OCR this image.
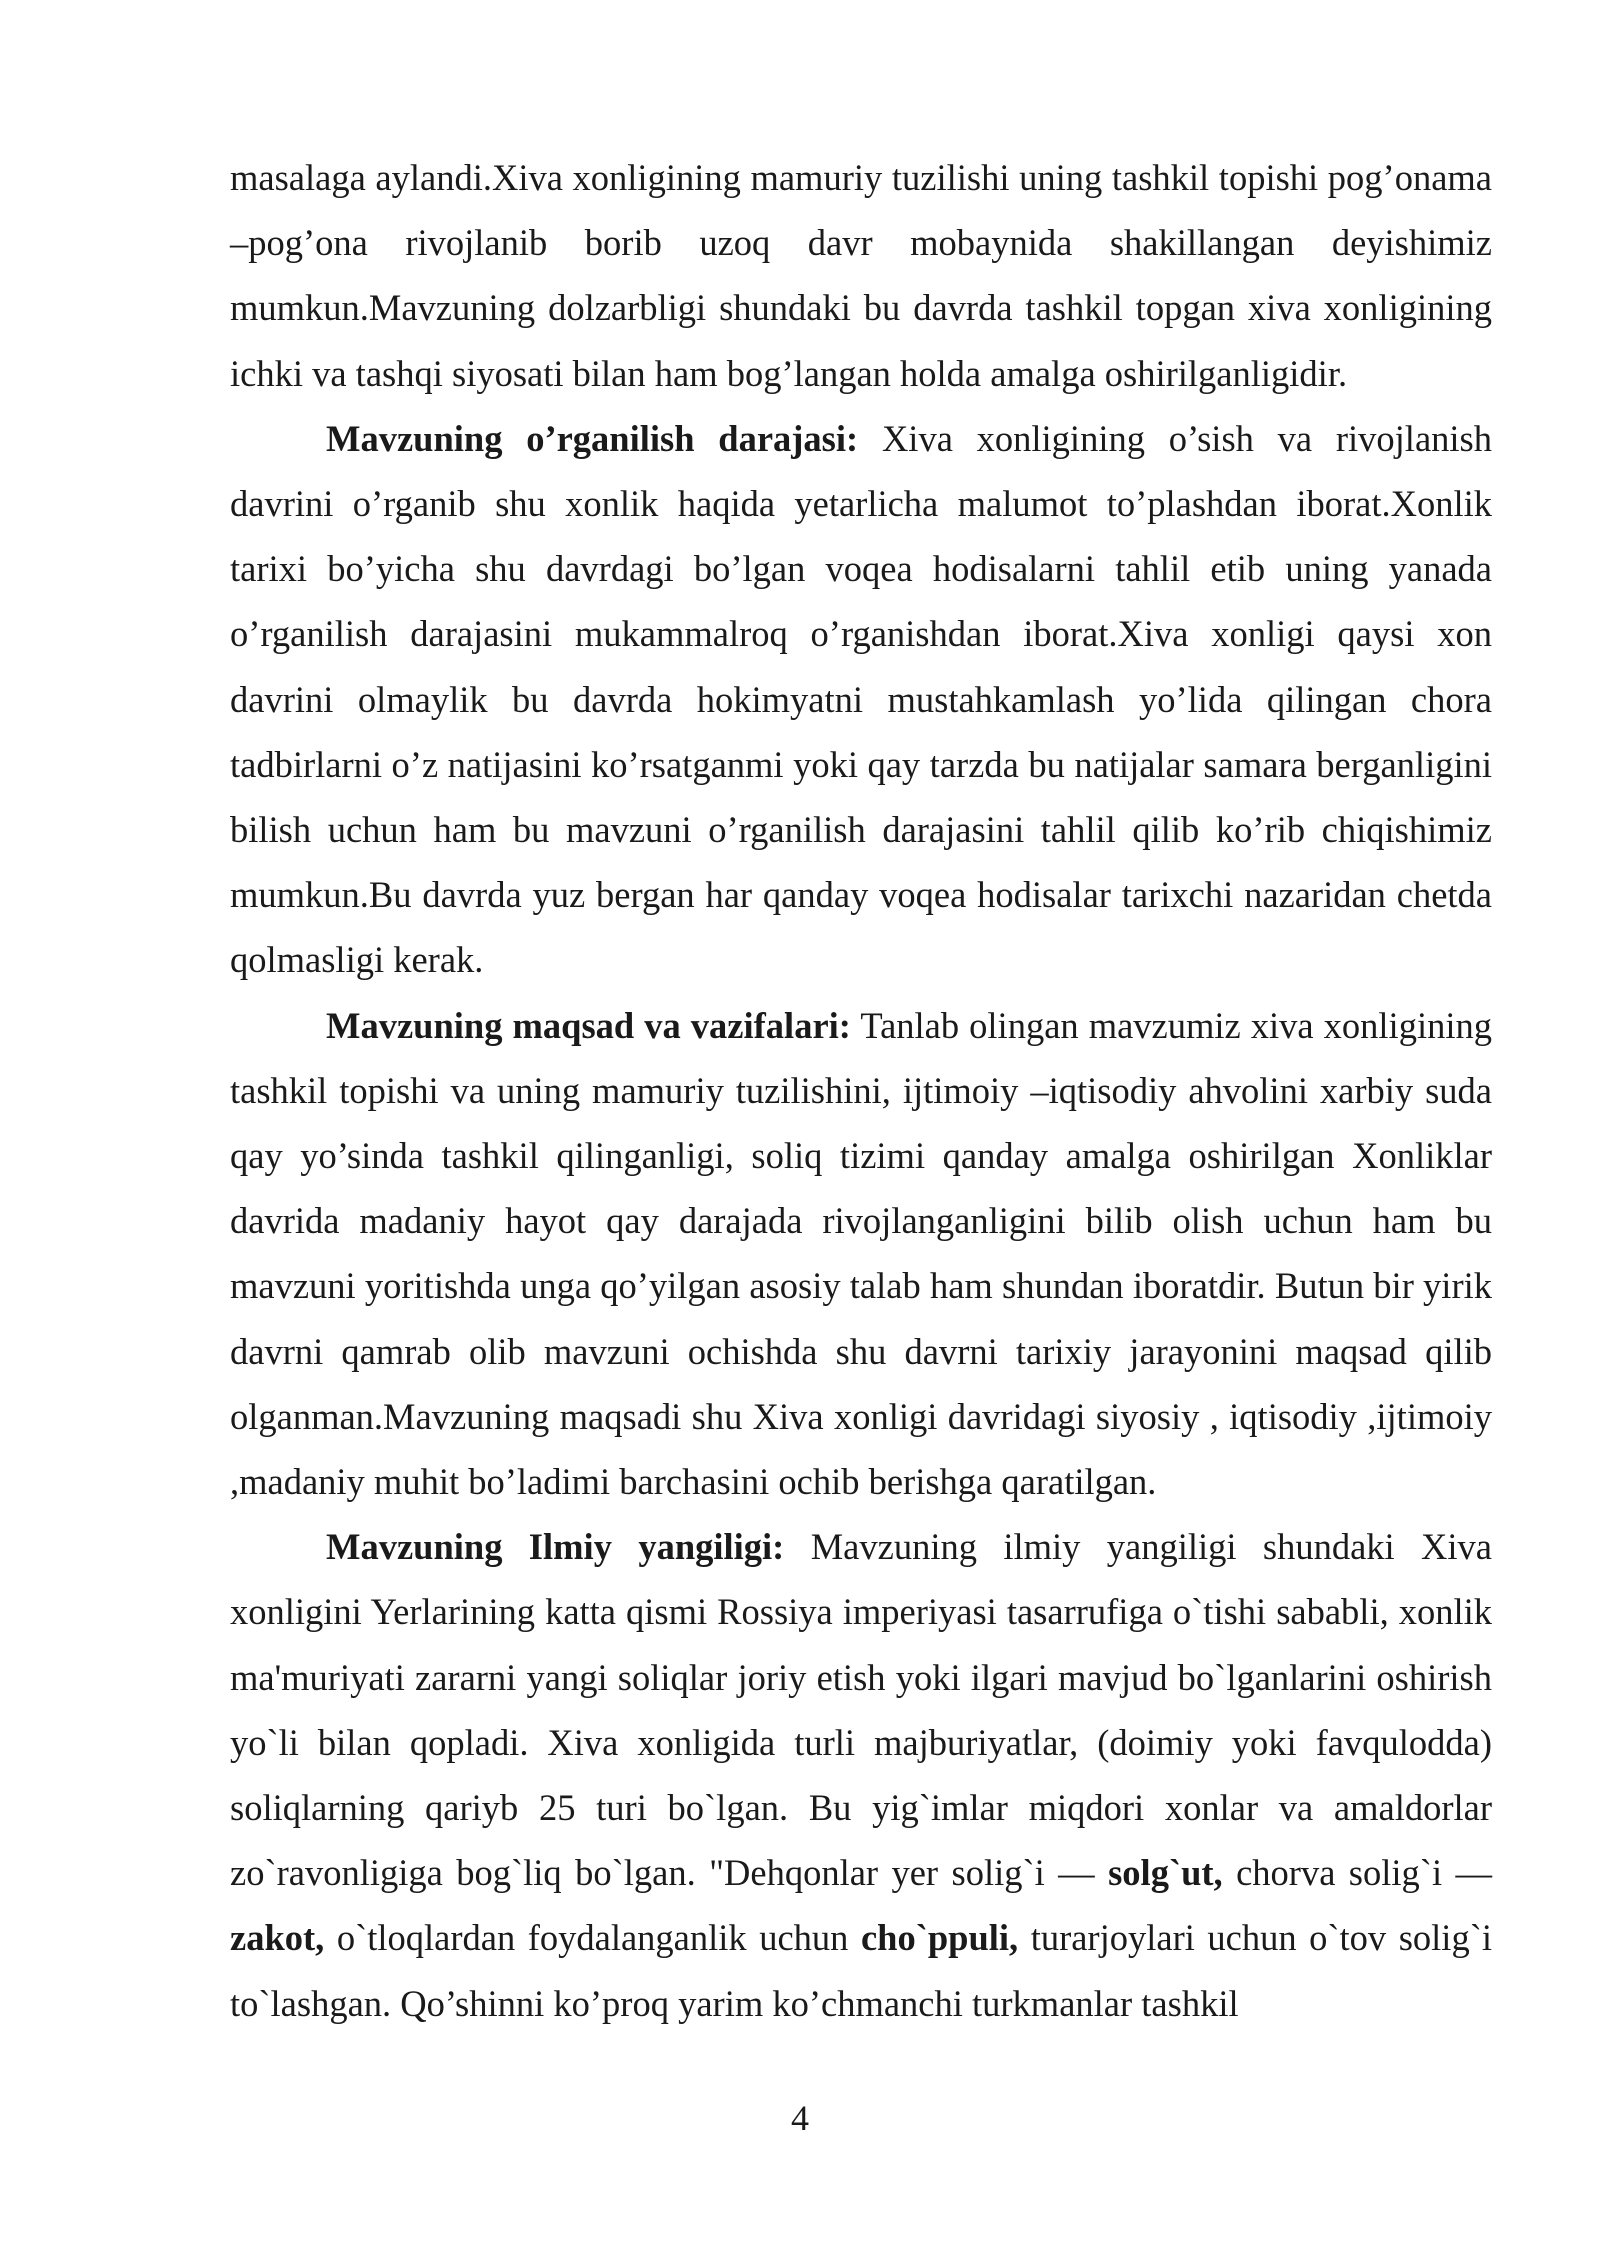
masalaga aylandi.Xiva xonligining mamuriy tuzilishi uning tashkil topishi pog’onama –pog’ona rivojlanib borib uzoq davr mobaynida shakillangan deyishimiz mumkun.Mavzuning dolzarbligi shundaki bu davrda tashkil topgan xiva xonligining ichki va tashqi siyosati bilan ham bog’langan holda amalga oshirilganligidir.

Mavzuning o’rganilish darajasi: Xiva xonligining o’sish va rivojlanish davrini o’rganib shu xonlik haqida yetarlicha malumot to’plashdan iborat.Xonlik tarixi bo’yicha shu davrdagi bo’lgan voqea hodisalarni tahlil etib uning yanada o’rganilish darajasini mukammalroq o’rganishdan iborat.Xiva xonligi qaysi xon davrini olmaylik bu davrda hokimyatni mustahkamlash yo’lida qilingan chora tadbirlarni o’z natijasini ko’rsatganmi yoki qay tarzda bu natijalar samara berganligini bilish uchun ham bu mavzuni o’rganilish darajasini tahlil qilib ko’rib chiqishimiz mumkun.Bu davrda yuz bergan har qanday voqea hodisalar tarixchi nazaridan chetda qolmasligi kerak.

Mavzuning maqsad va vazifalari: Tanlab olingan mavzumiz xiva xonligining tashkil topishi va uning mamuriy tuzilishini, ijtimoiy –iqtisodiy ahvolini xarbiy suda qay yo’sinda tashkil qilinganligi, soliq tizimi qanday amalga oshirilgan Xonliklar davrida madaniy hayot qay darajada rivojlanganligini bilib olish uchun ham bu mavzuni yoritishda unga qo’yilgan asosiy talab ham shundan iboratdir. Butun bir yirik davrni qamrab olib mavzuni ochishda shu davrni tarixiy jarayonini maqsad qilib olganman.Mavzuning maqsadi shu Xiva xonligi davridagi siyosiy , iqtisodiy ,ijtimoiy ,madaniy muhit bo’ladimi barchasini ochib berishga qaratilgan.

Mavzuning Ilmiy yangiligi: Mavzuning ilmiy yangiligi shundaki Xiva xonligini Yerlarining katta qismi Rossiya imperiyasi tasarrufiga o`tishi sababli, xonlik ma'muriyati zararni yangi soliqlar joriy etish yoki ilgari mavjud bo`lganlarini oshirish yo`li bilan qopladi. Xiva xonligida turli majburiyatlar, (doimiy yoki favqulodda) soliqlarning qariyb 25 turi bo`lgan. Bu yig`imlar miqdori xonlar va amaldorlar zo`ravonligiga bog`liq bo`lgan. "Dehqonlar yer solig`i — solg`ut, chorva solig`i — zakot, o`tloqlardan foydalanganlik uchun cho`ppuli, turarjoylari uchun o`tov solig`i to`lashgan. Qo’shinni ko’proq yarim ko’chmanchi turkmanlar tashkil

4
